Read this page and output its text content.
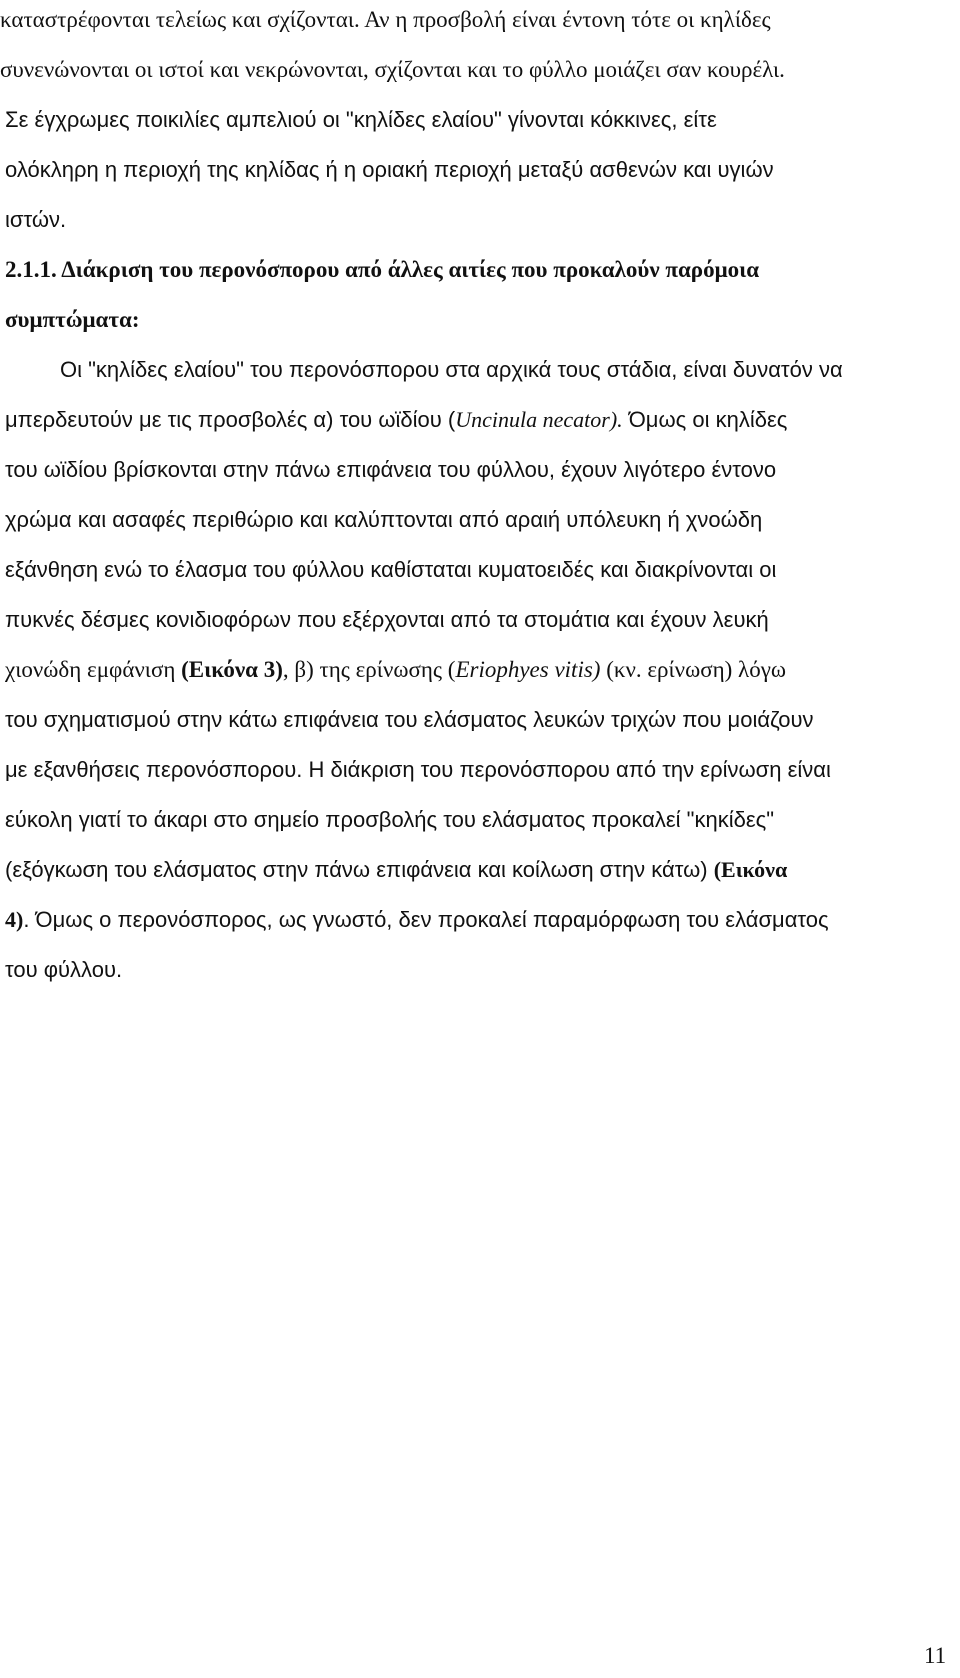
καταστρέφονται τελείως και σχίζονται. Αν η προσβολή είναι έντονη τότε οι κηλίδες
συνενώνονται οι ιστοί και νεκρώνονται, σχίζονται και το φύλλο μοιάζει σαν κουρέλι.
Σε έγχρωμες ποικιλίες αμπελιού οι "κηλίδες ελαίου" γίνονται κόκκινες, είτε
ολόκληρη η περιοχή της κηλίδας ή η οριακή περιοχή μεταξύ ασθενών και υγιών
ιστών.
2.1.1. Διάκριση του περονόσπορου από άλλες αιτίες που προκαλούν παρόμοια
συμπτώματα:
Οι "κηλίδες ελαίου" του περονόσπορου στα αρχικά τους στάδια, είναι δυνατόν να
μπερδευτούν με τις προσβολές α) του ωϊδίου (Uncinula necator). Όμως οι κηλίδες
του ωϊδίου βρίσκονται στην πάνω επιφάνεια του φύλλου, έχουν λιγότερο έντονο
χρώμα και ασαφές περιθώριο και καλύπτονται από αραιή υπόλευκη ή χνοώδη
εξάνθηση ενώ το έλασμα του φύλλου καθίσταται κυματοειδές και διακρίνονται οι
πυκνές δέσμες κονιδιοφόρων που εξέρχονται από τα στομάτια και έχουν λευκή
χιονώδη εμφάνιση (Εικόνα 3), β) της ερίνωσης (Eriophyes vitis) (κν. ερίνωση) λόγω
του σχηματισμού στην κάτω επιφάνεια του ελάσματος λευκών τριχών που μοιάζουν
με εξανθήσεις περονόσπορου. Η διάκριση του περονόσπορου από την ερίνωση είναι
εύκολη γιατί το άκαρι στο σημείο προσβολής του ελάσματος προκαλεί "κηκίδες"
(εξόγκωση του ελάσματος στην πάνω επιφάνεια και κοίλωση στην κάτω) (Εικόνα
4). Όμως ο περονόσπορος, ως γνωστό, δεν προκαλεί παραμόρφωση του ελάσματος
του φύλλου.
11
